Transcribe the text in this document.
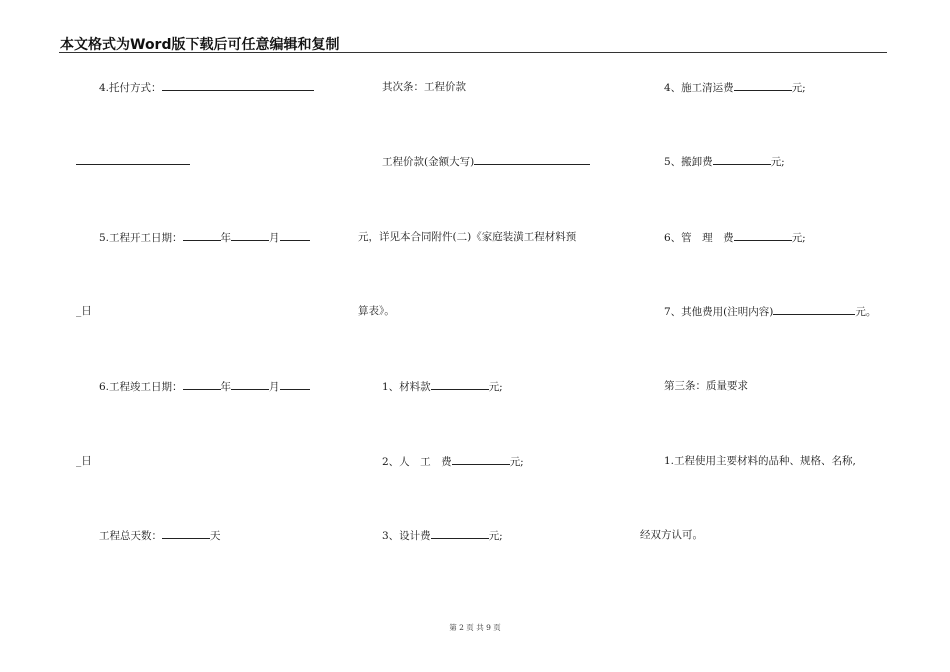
本文格式为Word版下载后可任意编辑和复制
4.托付方式：
5.工程开工日期：	年	月
_日
6.工程竣工日期：	年	月
_日
工程总天数：	天
其次条：工程价款
工程价款(金额大写)
元，详见本合同附件(二)《家庭装潢工程材料预
算表》。
1、材料款	元;
2、人　工　费	元;
3、设计费	元;
4、施工清运费	元;
5、搬卸费	元;
6、管　理　费	元;
7、其他费用(注明内容)	元。
第三条：质量要求
1.工程使用主要材料的品种、规格、名称,
经双方认可。
第 2 页 共 9 页
